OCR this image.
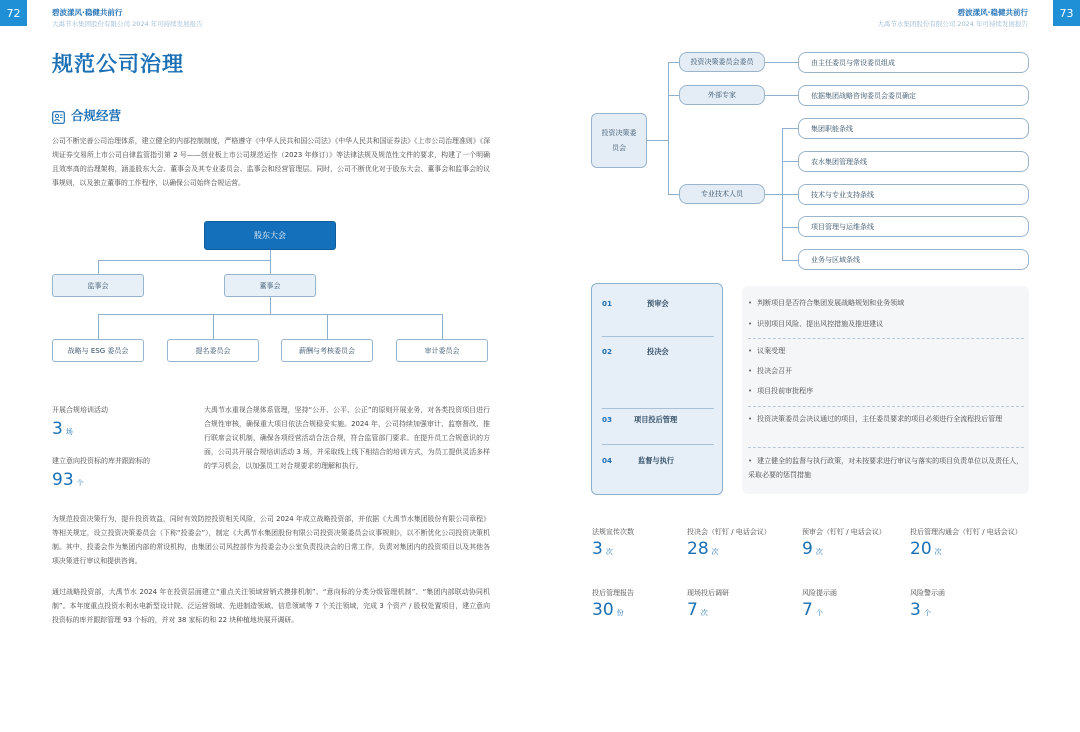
72	碧波漾风·稳健共前行
大禹节水集团股份有限公司 2024 年可持续发展报告
73
碧波漾风·稳健共前行
大禹节水集团股份有限公司 2024 年可持续发展报告
规范公司治理
合规经营
公司不断完善公司治理体系，建立健全的内部控制制度，严格遵守《中华人民共和国公司法》《中华人民共和国证券法》《上市公司治理准则》《深圳证券交易所上市公司自律监管指引第 2 号——创业板上市公司规范运作（2023 年修订）》等法律法规及规范性文件的要求，构建了一个明确且效率高的治理架构，涵盖股东大会、董事会及其专业委员会、监事会和经营管理层。同时，公司不断优化对于股东大会、董事会和监事会的议事规则，以及独立董事的工作程序，以确保公司始终合规运营。
股东大会
监事会	董事会
战略与 ESG 委员会	提名委员会	薪酬与考核委员会	审计委员会
开展合规培训活动
3 场
建立意向投资标的库并跟踪标的
93 个
大禹节水重视合规体系管理，坚持“公开、公平、公正”的原则开展业务，对各类投资项目进行合规性审核，确保重大项目依法合规稳妥实施。2024 年，公司持续加强审计、监察督改、推行联席会议机制，确保各项经营活动合法合规，符合监管部门要求。在提升员工合规意识的方面，公司共开展合规培训活动 3 场，并采取线上线下相结合的培训方式，为员工提供灵活多样的学习机会，以加强员工对合规要求的理解和执行。
为规范投资决策行为，提升投资效益，同时有效防控投资相关风险，公司 2024 年成立战略投资部，并依据《大禹节水集团股份有限公司章程》等相关规定，设立投资决策委员会（下称“投委会”），制定《大禹节水集团股份有限公司投资决策委员会议事规则》，以不断优化公司投资决策机制。其中，投委会作为集团内部的常设机构，由集团公司风控部作为投委会办公室负责投决会的日常工作，负责对集团内的投资项目以及其他各项决策进行审议和提供咨询。
通过战略投资部，大禹节水 2024 年在投资层面建立“重点关注领域营销式摸排机制”、“意向标的分类分级管理机制”、“集团内部联动协同机制”。本年度重点投资水利水电新型设计院、泛运营领域、先进制造领域、信息领域等 7 个关注领域，完成 3 个资产 / 股权处置项目，建立意向投资标的库并跟踪管理 93 个标的，并对 38 家标的和 22 块种植地块展开调研。
投资决策委员会
投资决策委员会委员
外部专家
专业技术人员
由主任委员与常设委员组成
依据集团战略咨询委员会委员确定
集团职能条线
农水集团管理条线
技术与专业支持条线
项目管理与运维条线
业务与区域条线
01	预审会
02	投决会
03	项目投后管理
04	监督与执行
• 判断项目是否符合集团发展战略规划和业务领域
• 识别项目风险、提出风控措施及推进建议
• 议案受理
• 投决会召开
• 项目投前审批程序
• 投资决策委员会决议通过的项目，主任委员要求的项目必须进行全流程投后管理
• 建立健全的监督与执行政策，对未按要求进行审议与落实的项目负责单位以及责任人，采取必要的惩罚措施
法规宣传次数
3 次
投决会（钉钉 / 电话会议）
28 次
预审会（钉钉 / 电话会议）
9 次
投后管理沟通会（钉钉 / 电话会议）
20 次
投后管理报告
30 份
现场投后调研
7 次
风险提示函
7 个
风险警示函
3 个
